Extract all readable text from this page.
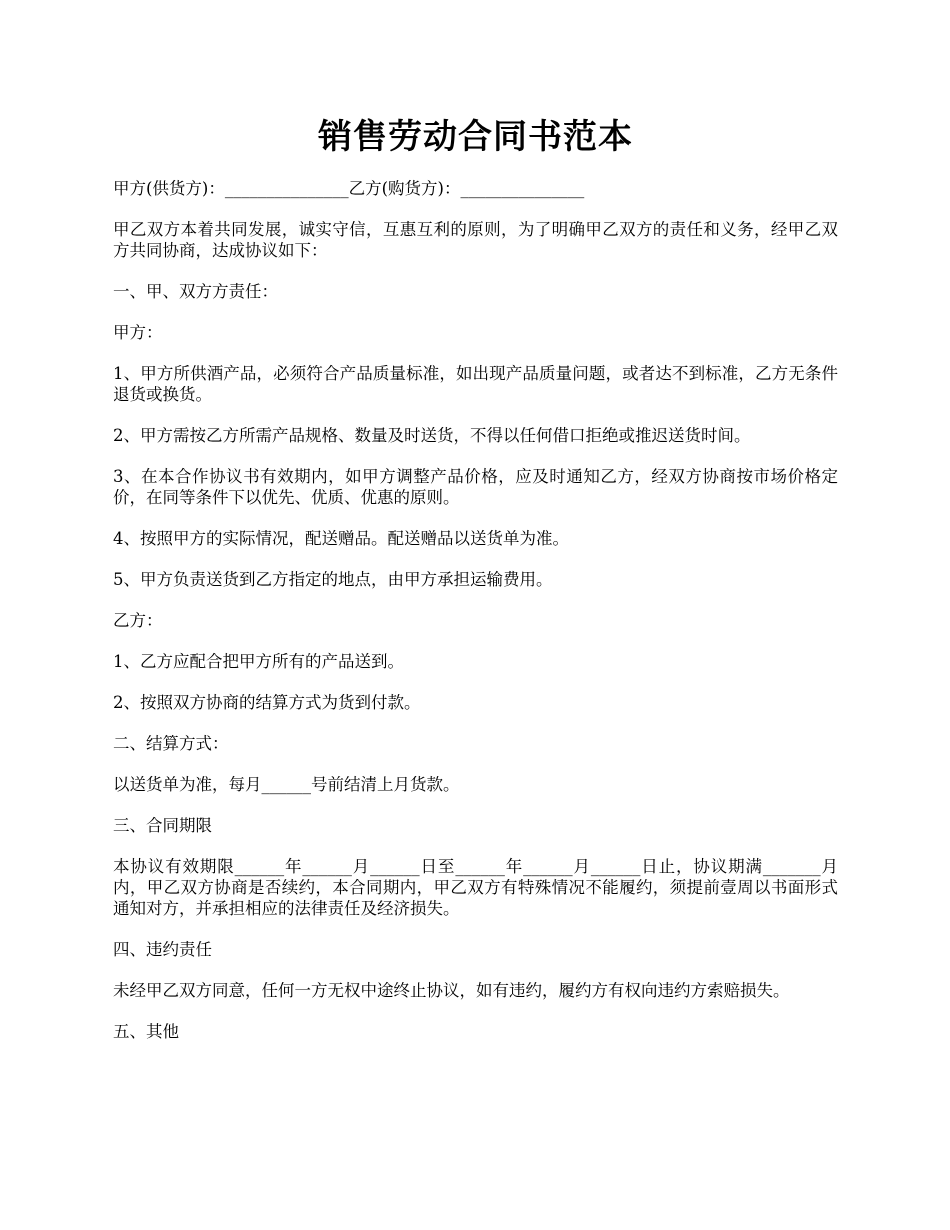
销售劳动合同书范本

甲方(供货方)：_______________乙方(购货方)：_______________

甲乙双方本着共同发展，诚实守信，互惠互利的原则，为了明确甲乙双方的责任和义务，经甲乙双方共同协商，达成协议如下：

一、甲、双方方责任：

甲方：

1、甲方所供酒产品，必须符合产品质量标准，如出现产品质量问题，或者达不到标准，乙方无条件退货或换货。

2、甲方需按乙方所需产品规格、数量及时送货，不得以任何借口拒绝或推迟送货时间。

3、在本合作协议书有效期内，如甲方调整产品价格，应及时通知乙方，经双方协商按市场价格定价，在同等条件下以优先、优质、优惠的原则。

4、按照甲方的实际情况，配送赠品。配送赠品以送货单为准。

5、甲方负责送货到乙方指定的地点，由甲方承担运输费用。

乙方：

1、乙方应配合把甲方所有的产品送到。

2、按照双方协商的结算方式为货到付款。

二、结算方式：

以送货单为准，每月______号前结清上月货款。

三、合同期限

本协议有效期限______年______月______日至______年______月______日止，协议期满_______月内，甲乙双方协商是否续约，本合同期内，甲乙双方有特殊情况不能履约，须提前壹周以书面形式通知对方，并承担相应的法律责任及经济损失。

四、违约责任

未经甲乙双方同意，任何一方无权中途终止协议，如有违约，履约方有权向违约方索赔损失。

五、其他
